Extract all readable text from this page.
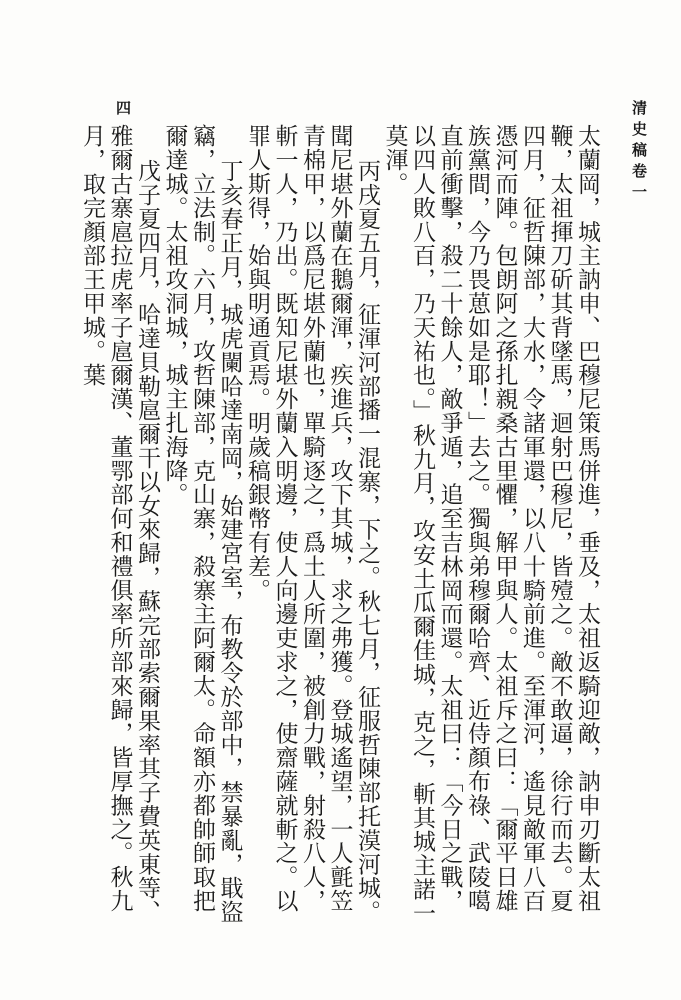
清史稿卷一
四

太蘭岡，城主訥申、巴穆尼策馬併進，垂及，太祖返騎迎敵，訥申刃斷太祖鞭，太祖揮刀斫其背墜馬，迴射巴穆尼，皆殪之。敵不敢逼，徐行而去。夏四月，征哲陳部，大水，令諸軍還，以八十騎前進。至渾河，遙見敵軍八百憑河而陣。包朗阿之孫扎親桑古里懼，解甲與人。太祖斥之曰：「爾平日雄族黨間，今乃畏葸如是耶！」去之。獨與弟穆爾哈齊、近侍顏布祿、武陵噶直前衝擊，殺二十餘人，敵爭遁，追至吉林岡而還。太祖曰：「今日之戰，以四人敗八百，乃天祐也。」秋九月，攻安土瓜爾佳城，克之，斬其城主諾一莫渾。

丙戌夏五月，征渾河部播一混寨，下之。秋七月，征服哲陳部托漠河城。聞尼堪外蘭在鵝爾渾，疾進兵，攻下其城，求之弗獲。登城遙望，一人氈笠青棉甲，以爲尼堪外蘭也，單騎逐之，爲土人所圍，被創力戰，射殺八人，斬一人，乃出。既知尼堪外蘭入明邊，使人向邊吏求之，使齋薩就斬之。以罪人斯得，始與明通貢焉。明歲稿銀幣有差。

丁亥春正月，城虎闌哈達南岡，始建宮室，布教令於部中，禁暴亂，戢盜竊，立法制。六月，攻哲陳部，克山寨，殺寨主阿爾太。命額亦都帥師取把爾達城。太祖攻洞城，城主扎海降。

戊子夏四月，哈達貝勒扈爾干以女來歸，蘇完部索爾果率其子費英東等、雅爾古寨扈拉虎率子扈爾漢、董鄂部何和禮俱率所部來歸，皆厚撫之。秋九月，取完顏部王甲城。葉
